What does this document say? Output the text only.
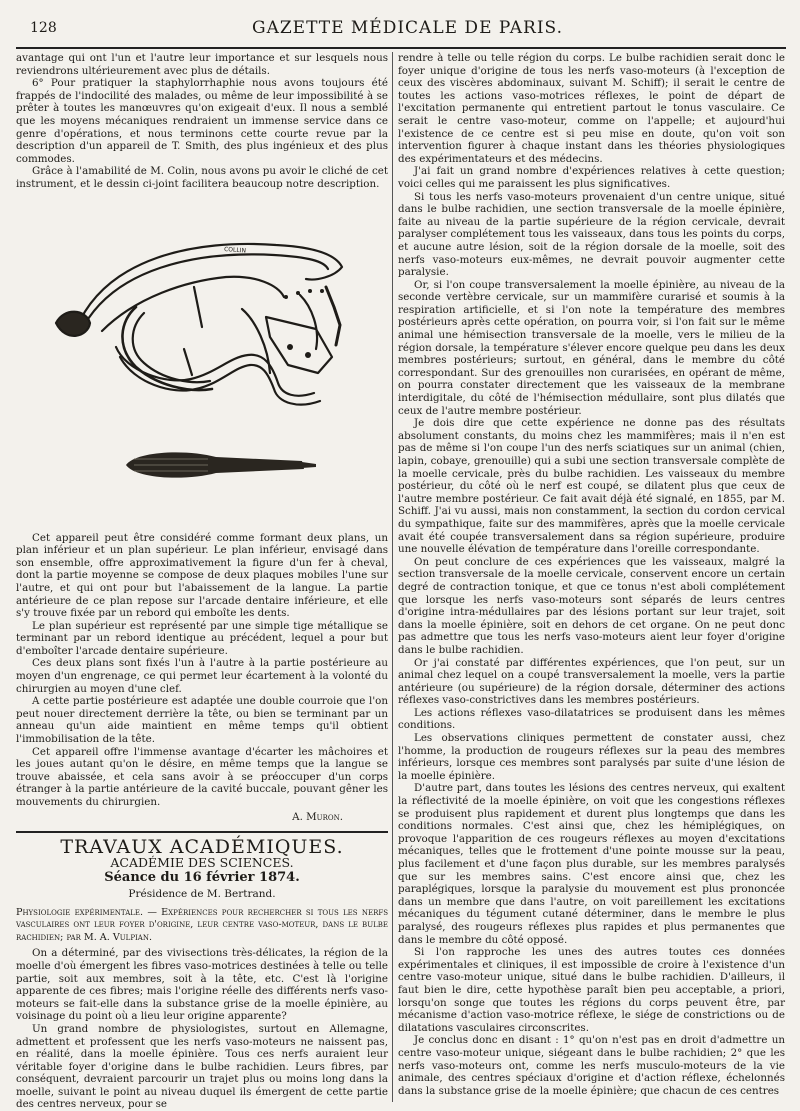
128	GAZETTE MÉDICALE DE PARIS.

avantage qui ont l'un et l'autre leur importance et sur lesquels nous reviendrons ultérieurement avec plus de détails.

6° Pour pratiquer la staphylorrhaphie nous avons toujours été frappés de l'indocilité des malades, ou même de leur impossibilité à se prêter à toutes les manœuvres qu'on exigeait d'eux. Il nous a semblé que les moyens mécaniques rendraient un immense service dans ce genre d'opérations, et nous terminons cette courte revue par la description d'un appareil de T. Smith, des plus ingénieux et des plus commodes.

Grâce à l'amabilité de M. Colin, nous avons pu avoir le cliché de cet instrument, et le dessin ci-joint facilitera beaucoup notre description.

COLLIN

Cet appareil peut être considéré comme formant deux plans, un plan inférieur et un plan supérieur. Le plan inférieur, envisagé dans son ensemble, offre approximativement la figure d'un fer à cheval, dont la partie moyenne se compose de deux plaques mobiles l'une sur l'autre, et qui ont pour but l'abaissement de la langue. La partie antérieure de ce plan repose sur l'arcade dentaire inférieure, et elle s'y trouve fixée par un rebord qui emboîte les dents.

Le plan supérieur est représenté par une simple tige métallique se terminant par un rebord identique au précédent, lequel a pour but d'emboîter l'arcade dentaire supérieure.

Ces deux plans sont fixés l'un à l'autre à la partie postérieure au moyen d'un engrenage, ce qui permet leur écartement à la volonté du chirurgien au moyen d'une clef.

A cette partie postérieure est adaptée une double courroie que l'on peut nouer directement derrière la tête, ou bien se terminant par un anneau qu'un aide maintient en même temps qu'il obtient l'immobilisation de la tête.

Cet appareil offre l'immense avantage d'écarter les mâchoires et les joues autant qu'on le désire, en même temps que la langue se trouve abaissée, et cela sans avoir à se préoccuper d'un corps étranger à la partie antérieure de la cavité buccale, pouvant gêner les mouvements du chirurgien.

A. Muron.
TRAVAUX ACADÉMIQUES.
ACADÉMIE DES SCIENCES.
Séance du 16 février 1874.
Présidence de M. Bertrand.

Physiologie expérimentale. — Expériences pour rechercher si tous les nerfs vasculaires ont leur foyer d'origine, leur centre vaso-moteur, dans le bulbe rachidien; par M. A. Vulpian.

On a déterminé, par des vivisections très-délicates, la région de la moelle d'où émergent les fibres vaso-motrices destinées à telle ou telle partie, soit aux membres, soit à la tête, etc. C'est là l'origine apparente de ces fibres; mais l'origine réelle des différents nerfs vaso-moteurs se fait-elle dans la substance grise de la moelle épinière, au voisinage du point où a lieu leur origine apparente?

Un grand nombre de physiologistes, surtout en Allemagne, admettent et professent que les nerfs vaso-moteurs ne naissent pas, en réalité, dans la moelle épinière. Tous ces nerfs auraient leur véritable foyer d'origine dans le bulbe rachidien. Leurs fibres, par conséquent, devraient parcourir un trajet plus ou moins long dans la moelle, suivant le point au niveau duquel ils émergent de cette partie des centres nerveux, pour se

rendre à telle ou telle région du corps. Le bulbe rachidien serait donc le foyer unique d'origine de tous les nerfs vaso-moteurs (à l'exception de ceux des viscères abdominaux, suivant M. Schiff); il serait le centre de toutes les actions vaso-motrices réflexes, le point de départ de l'excitation permanente qui entretient partout le tonus vasculaire. Ce serait le centre vaso-moteur, comme on l'appelle; et aujourd'hui l'existence de ce centre est si peu mise en doute, qu'on voit son intervention figurer à chaque instant dans les théories physiologiques des expérimentateurs et des médecins.

J'ai fait un grand nombre d'expériences relatives à cette question; voici celles qui me paraissent les plus significatives.

Si tous les nerfs vaso-moteurs provenaient d'un centre unique, situé dans le bulbe rachidien, une section transversale de la moelle épinière, faite au niveau de la partie supérieure de la région cervicale, devrait paralyser complétement tous les vaisseaux, dans tous les points du corps, et aucune autre lésion, soit de la région dorsale de la moelle, soit des nerfs vaso-moteurs eux-mêmes, ne devrait pouvoir augmenter cette paralysie.

Or, si l'on coupe transversalement la moelle épinière, au niveau de la seconde vertèbre cervicale, sur un mammifère curarisé et soumis à la respiration artificielle, et si l'on note la température des membres postérieurs après cette opération, on pourra voir, si l'on fait sur le même animal une hémisection transversale de la moelle, vers le milieu de la région dorsale, la température s'élever encore quelque peu dans les deux membres postérieurs; surtout, en général, dans le membre du côté correspondant. Sur des grenouilles non curarisées, en opérant de même, on pourra constater directement que les vaisseaux de la membrane interdigitale, du côté de l'hémisection médullaire, sont plus dilatés que ceux de l'autre membre postérieur.

Je dois dire que cette expérience ne donne pas des résultats absolument constants, du moins chez les mammifères; mais il n'en est pas de même si l'on coupe l'un des nerfs sciatiques sur un animal (chien, lapin, cobaye, grenouille) qui a subi une section transversale complète de la moelle cervicale, près du bulbe rachidien. Les vaisseaux du membre postérieur, du côté où le nerf est coupé, se dilatent plus que ceux de l'autre membre postérieur. Ce fait avait déjà été signalé, en 1855, par M. Schiff. J'ai vu aussi, mais non constamment, la section du cordon cervical du sympathique, faite sur des mammifères, après que la moelle cervicale avait été coupée transversalement dans sa région supérieure, produire une nouvelle élévation de température dans l'oreille correspondante.

On peut conclure de ces expériences que les vaisseaux, malgré la section transversale de la moelle cervicale, conservent encore un certain degré de contraction tonique, et que ce tonus n'est aboli complétement que lorsque les nerfs vaso-moteurs sont séparés de leurs centres d'origine intra-médullaires par des lésions portant sur leur trajet, soit dans la moelle épinière, soit en dehors de cet organe. On ne peut donc pas admettre que tous les nerfs vaso-moteurs aient leur foyer d'origine dans le bulbe rachidien.

Or j'ai constaté par différentes expériences, que l'on peut, sur un animal chez lequel on a coupé transversalement la moelle, vers la partie antérieure (ou supérieure) de la région dorsale, déterminer des actions réflexes vaso-constrictives dans les membres postérieurs.

Les actions réflexes vaso-dilatatrices se produisent dans les mêmes conditions.

Les observations cliniques permettent de constater aussi, chez l'homme, la production de rougeurs réflexes sur la peau des membres inférieurs, lorsque ces membres sont paralysés par suite d'une lésion de la moelle épinière.

D'autre part, dans toutes les lésions des centres nerveux, qui exaltent la réflectivité de la moelle épinière, on voit que les congestions réflexes se produisent plus rapidement et durent plus longtemps que dans les conditions normales. C'est ainsi que, chez les hémiplégiques, on provoque l'apparition de ces rougeurs réflexes au moyen d'excitations mécaniques, telles que le frottement d'une pointe mousse sur la peau, plus facilement et d'une façon plus durable, sur les membres paralysés que sur les membres sains. C'est encore ainsi que, chez les paraplégiques, lorsque la paralysie du mouvement est plus prononcée dans un membre que dans l'autre, on voit pareillement les excitations mécaniques du tégument cutané déterminer, dans le membre le plus paralysé, des rougeurs réflexes plus rapides et plus permanentes que dans le membre du côté opposé.

Si l'on rapproche les unes des autres toutes ces données expérimentales et cliniques, il est impossible de croire à l'existence d'un centre vaso-moteur unique, situé dans le bulbe rachidien. D'ailleurs, il faut bien le dire, cette hypothèse paraît bien peu acceptable, a priori, lorsqu'on songe que toutes les régions du corps peuvent être, par mécanisme d'action vaso-motrice réflexe, le siége de constrictions ou de dilatations vasculaires circonscrites.

Je conclus donc en disant : 1° qu'on n'est pas en droit d'admettre un centre vaso-moteur unique, siégeant dans le bulbe rachidien; 2° que les nerfs vaso-moteurs ont, comme les nerfs musculo-moteurs de la vie animale, des centres spéciaux d'origine et d'action réflexe, échelonnés dans la substance grise de la moelle épinière; que chacun de ces centres
